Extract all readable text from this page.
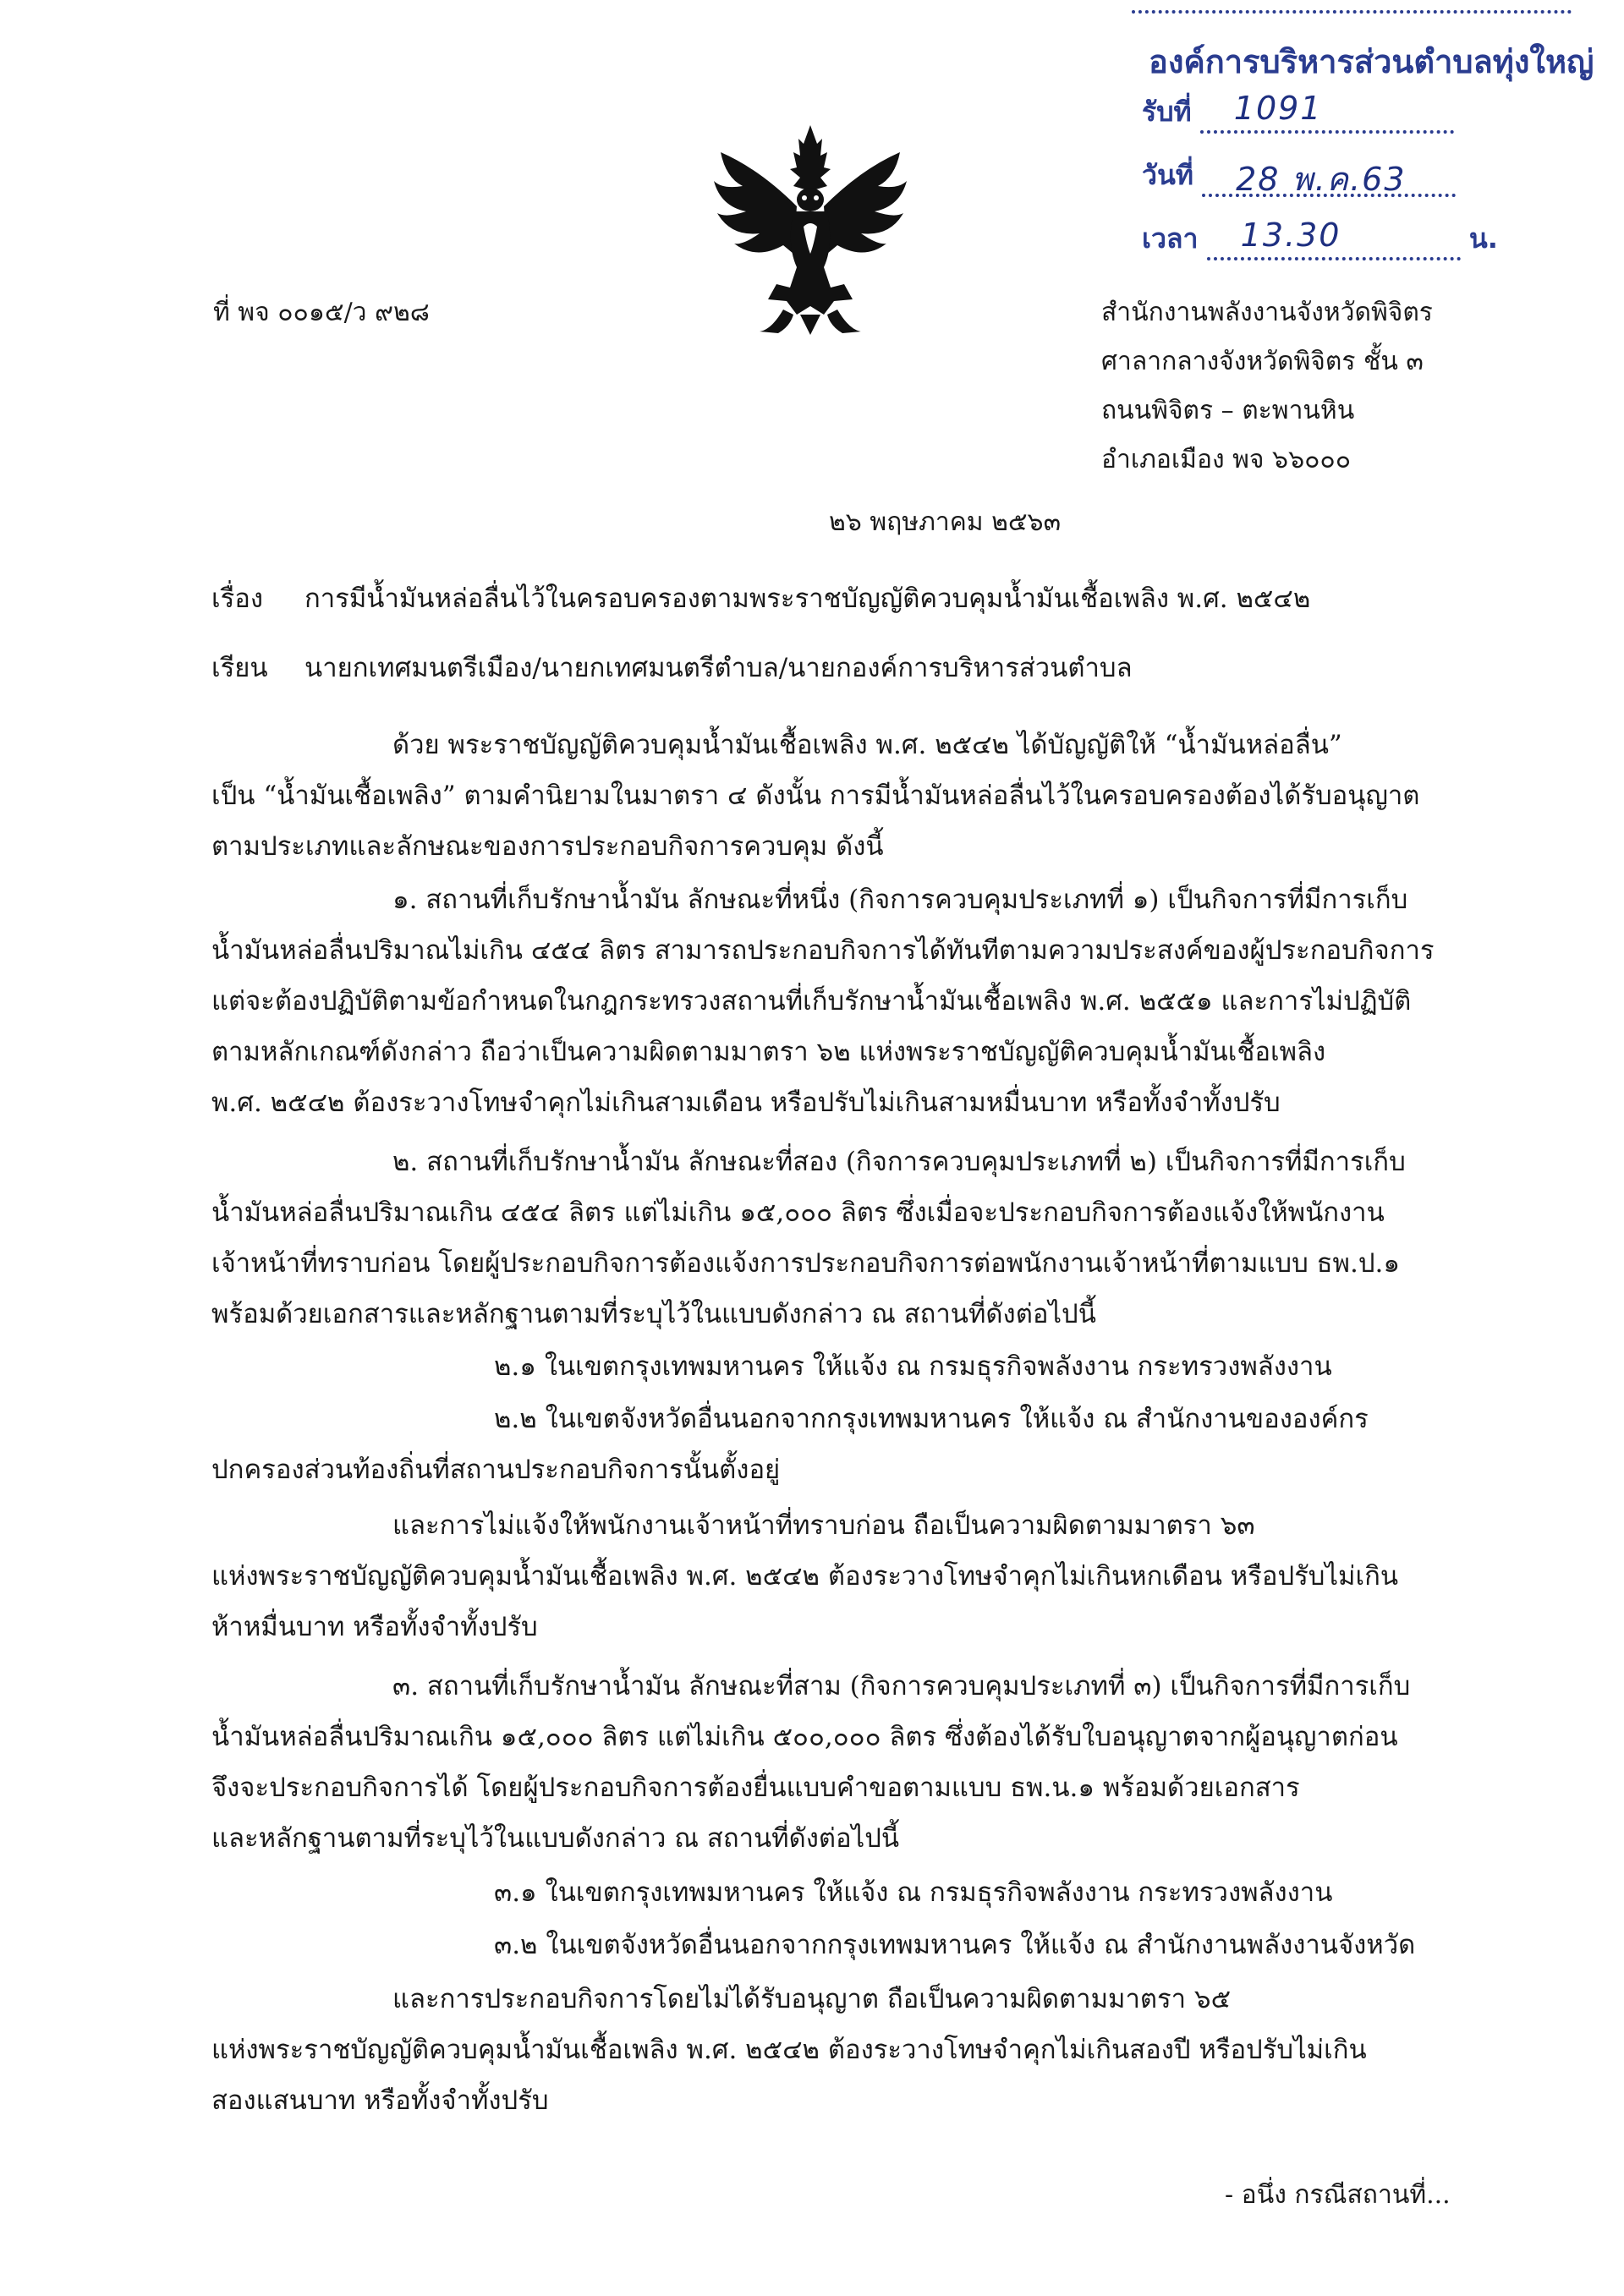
องค์การบริหารส่วนตำบลทุ่งใหญ่
รับที่ 1091
วันที่ 28 พ.ค.63
เวลา 13.30	น.
ที่ พจ ๐๐๑๕/ว ๙๒๘	สำนักงานพลังงานจังหวัดพิจิตร
ศาลากลางจังหวัดพิจิตร ชั้น ๓
ถนนพิจิตร – ตะพานหิน
อำเภอเมือง พจ ๖๖๐๐๐
๒๖ พฤษภาคม ๒๕๖๓
เรื่อง การมีน้ำมันหล่อลื่นไว้ในครอบครองตามพระราชบัญญัติควบคุมน้ำมันเชื้อเพลิง พ.ศ. ๒๕๔๒
เรียน นายกเทศมนตรีเมือง/นายกเทศมนตรีตำบล/นายกองค์การบริหารส่วนตำบล
ด้วย พระราชบัญญัติควบคุมน้ำมันเชื้อเพลิง พ.ศ. ๒๕๔๒ ได้บัญญัติให้ “น้ำมันหล่อลื่น”
เป็น “น้ำมันเชื้อเพลิง” ตามคำนิยามในมาตรา ๔ ดังนั้น การมีน้ำมันหล่อลื่นไว้ในครอบครองต้องได้รับอนุญาต
ตามประเภทและลักษณะของการประกอบกิจการควบคุม ดังนี้
๑. สถานที่เก็บรักษาน้ำมัน ลักษณะที่หนึ่ง (กิจการควบคุมประเภทที่ ๑) เป็นกิจการที่มีการเก็บ
น้ำมันหล่อลื่นปริมาณไม่เกิน ๔๕๔ ลิตร สามารถประกอบกิจการได้ทันทีตามความประสงค์ของผู้ประกอบกิจการ
แต่จะต้องปฏิบัติตามข้อกำหนดในกฎกระทรวงสถานที่เก็บรักษาน้ำมันเชื้อเพลิง พ.ศ. ๒๕๕๑ และการไม่ปฏิบัติ
ตามหลักเกณฑ์ดังกล่าว ถือว่าเป็นความผิดตามมาตรา ๖๒ แห่งพระราชบัญญัติควบคุมน้ำมันเชื้อเพลิง
พ.ศ. ๒๕๔๒ ต้องระวางโทษจำคุกไม่เกินสามเดือน หรือปรับไม่เกินสามหมื่นบาท หรือทั้งจำทั้งปรับ
๒. สถานที่เก็บรักษาน้ำมัน ลักษณะที่สอง (กิจการควบคุมประเภทที่ ๒) เป็นกิจการที่มีการเก็บ
น้ำมันหล่อลื่นปริมาณเกิน ๔๕๔ ลิตร แต่ไม่เกิน ๑๕,๐๐๐ ลิตร ซึ่งเมื่อจะประกอบกิจการต้องแจ้งให้พนักงาน
เจ้าหน้าที่ทราบก่อน โดยผู้ประกอบกิจการต้องแจ้งการประกอบกิจการต่อพนักงานเจ้าหน้าที่ตามแบบ ธพ.ป.๑
พร้อมด้วยเอกสารและหลักฐานตามที่ระบุไว้ในแบบดังกล่าว ณ สถานที่ดังต่อไปนี้
๒.๑ ในเขตกรุงเทพมหานคร ให้แจ้ง ณ กรมธุรกิจพลังงาน กระทรวงพลังงาน
๒.๒ ในเขตจังหวัดอื่นนอกจากกรุงเทพมหานคร ให้แจ้ง ณ สำนักงานขององค์กร
ปกครองส่วนท้องถิ่นที่สถานประกอบกิจการนั้นตั้งอยู่
และการไม่แจ้งให้พนักงานเจ้าหน้าที่ทราบก่อน ถือเป็นความผิดตามมาตรา ๖๓
แห่งพระราชบัญญัติควบคุมน้ำมันเชื้อเพลิง พ.ศ. ๒๕๔๒ ต้องระวางโทษจำคุกไม่เกินหกเดือน หรือปรับไม่เกิน
ห้าหมื่นบาท หรือทั้งจำทั้งปรับ
๓. สถานที่เก็บรักษาน้ำมัน ลักษณะที่สาม (กิจการควบคุมประเภทที่ ๓) เป็นกิจการที่มีการเก็บ
น้ำมันหล่อลื่นปริมาณเกิน ๑๕,๐๐๐ ลิตร แต่ไม่เกิน ๕๐๐,๐๐๐ ลิตร ซึ่งต้องได้รับใบอนุญาตจากผู้อนุญาตก่อน
จึงจะประกอบกิจการได้ โดยผู้ประกอบกิจการต้องยื่นแบบคำขอตามแบบ ธพ.น.๑ พร้อมด้วยเอกสาร
และหลักฐานตามที่ระบุไว้ในแบบดังกล่าว ณ สถานที่ดังต่อไปนี้
๓.๑ ในเขตกรุงเทพมหานคร ให้แจ้ง ณ กรมธุรกิจพลังงาน กระทรวงพลังงาน
๓.๒ ในเขตจังหวัดอื่นนอกจากกรุงเทพมหานคร ให้แจ้ง ณ สำนักงานพลังงานจังหวัด
และการประกอบกิจการโดยไม่ได้รับอนุญาต ถือเป็นความผิดตามมาตรา ๖๕
แห่งพระราชบัญญัติควบคุมน้ำมันเชื้อเพลิง พ.ศ. ๒๕๔๒ ต้องระวางโทษจำคุกไม่เกินสองปี หรือปรับไม่เกิน
สองแสนบาท หรือทั้งจำทั้งปรับ
- อนึ่ง กรณีสถานที่...
